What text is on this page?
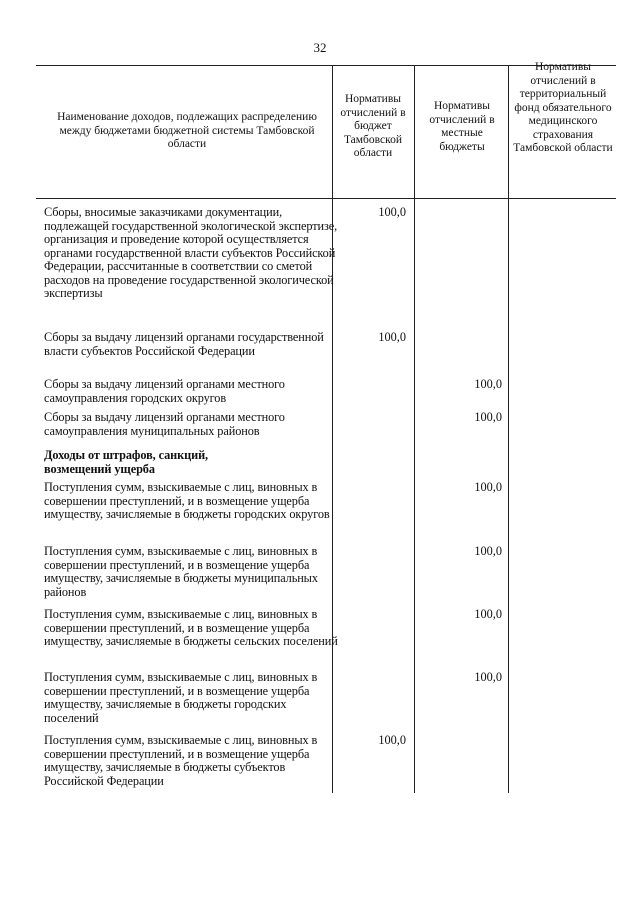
32
Наименование доходов, подлежащих распределению между бюджетами бюджетной системы Тамбовской области
Нормативы отчислений в бюджет Тамбовской области
Нормативы отчислений в местные бюджеты
Нормативы отчислений в территориальный фонд обязательного медицинского страхования Тамбовской области
Сборы, вносимые заказчиками документации, подлежащей государственной экологической экспертизе, организация и проведение которой осуществляется органами государственной власти субъектов Российской Федерации, рассчитанные в соответствии со сметой расходов на проведение государственной экологической экспертизы
100,0
Сборы за выдачу лицензий органами государственной власти субъектов Российской Федерации
100,0
Сборы за выдачу лицензий органами местного самоуправления городских округов
100,0
Сборы за выдачу лицензий органами местного самоуправления муниципальных районов
100,0
Доходы от штрафов, санкций, возмещений ущерба
Поступления сумм, взыскиваемые с лиц, виновных в совершении преступлений, и в возмещение ущерба имуществу, зачисляемые в бюджеты городских округов
100,0
Поступления сумм, взыскиваемые с лиц, виновных в совершении преступлений, и в возмещение ущерба имуществу, зачисляемые в бюджеты муниципальных районов
100,0
Поступления сумм, взыскиваемые с лиц, виновных в совершении преступлений, и в возмещение ущерба имуществу, зачисляемые в бюджеты сельских поселений
100,0
Поступления сумм, взыскиваемые с лиц, виновных в совершении преступлений, и в возмещение ущерба имуществу, зачисляемые в бюджеты городских поселений
100,0
Поступления сумм, взыскиваемые с лиц, виновных в совершении преступлений, и в возмещение ущерба имуществу, зачисляемые в бюджеты субъектов Российской Федерации
100,0
